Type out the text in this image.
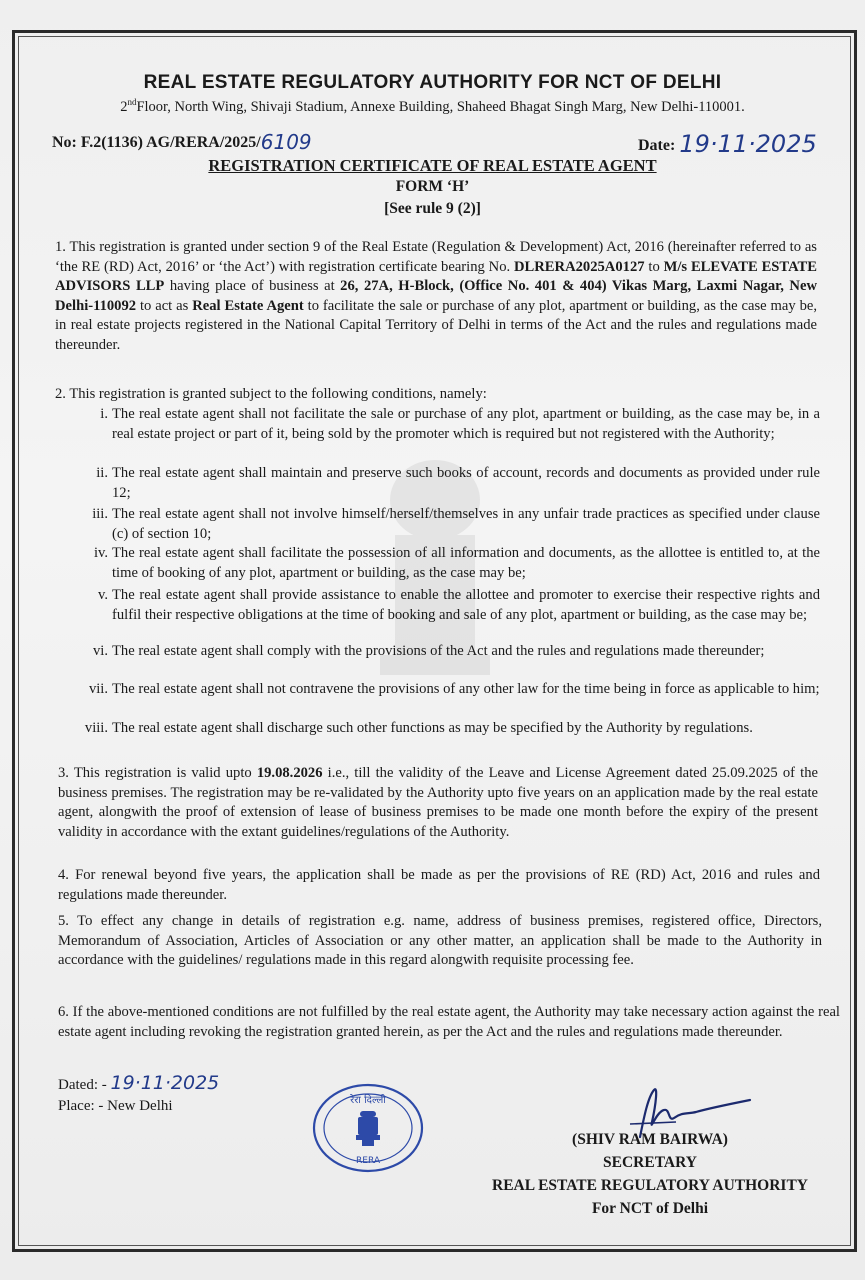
REAL ESTATE REGULATORY AUTHORITY FOR NCT OF DELHI
2ndFloor, North Wing, Shivaji Stadium, Annexe Building, Shaheed Bhagat Singh Marg, New Delhi-110001.
No: F.2(1136) AG/RERA/2025/6109	Date: 19·11·2025
REGISTRATION CERTIFICATE OF REAL ESTATE AGENT
FORM ‘H’
[See rule 9 (2)]
1. This registration is granted under section 9 of the Real Estate (Regulation & Development) Act, 2016 (hereinafter referred to as ‘the RE (RD) Act, 2016’ or ‘the Act’) with registration certificate bearing No. DLRERA2025A0127 to M/s ELEVATE ESTATE ADVISORS LLP having place of business at 26, 27A, H-Block, (Office No. 401 & 404) Vikas Marg, Laxmi Nagar, New Delhi-110092 to act as Real Estate Agent to facilitate the sale or purchase of any plot, apartment or building, as the case may be, in real estate projects registered in the National Capital Territory of Delhi in terms of the Act and the rules and regulations made thereunder.
2. This registration is granted subject to the following conditions, namely:
i. The real estate agent shall not facilitate the sale or purchase of any plot, apartment or building, as the case may be, in a real estate project or part of it, being sold by the promoter which is required but not registered with the Authority;
ii. The real estate agent shall maintain and preserve such books of account, records and documents as provided under rule 12;
iii. The real estate agent shall not involve himself/herself/themselves in any unfair trade practices as specified under clause (c) of section 10;
iv. The real estate agent shall facilitate the possession of all information and documents, as the allottee is entitled to, at the time of booking of any plot, apartment or building, as the case may be;
v. The real estate agent shall provide assistance to enable the allottee and promoter to exercise their respective rights and fulfil their respective obligations at the time of booking and sale of any plot, apartment or building, as the case may be;
vi. The real estate agent shall comply with the provisions of the Act and the rules and regulations made thereunder;
vii. The real estate agent shall not contravene the provisions of any other law for the time being in force as applicable to him;
viii. The real estate agent shall discharge such other functions as may be specified by the Authority by regulations.
3. This registration is valid upto 19.08.2026 i.e., till the validity of the Leave and License Agreement dated 25.09.2025 of the business premises. The registration may be re-validated by the Authority upto five years on an application made by the real estate agent, alongwith the proof of extension of lease of business premises to be made one month before the expiry of the present validity in accordance with the extant guidelines/regulations of the Authority.
4. For renewal beyond five years, the application shall be made as per the provisions of RE (RD) Act, 2016 and rules and regulations made thereunder.
5. To effect any change in details of registration e.g. name, address of business premises, registered office, Directors, Memorandum of Association, Articles of Association or any other matter, an application shall be made to the Authority in accordance with the guidelines/ regulations made in this regard alongwith requisite processing fee.
6. If the above-mentioned conditions are not fulfilled by the real estate agent, the Authority may take necessary action against the real estate agent including revoking the registration granted herein, as per the Act and the rules and regulations made thereunder.
Dated: - 19·11·2025
Place: - New Delhi	रेरा दिल्ली
RERA
(SHIV RAM BAIRWA)
SECRETARY
REAL ESTATE REGULATORY AUTHORITY
For NCT of Delhi
